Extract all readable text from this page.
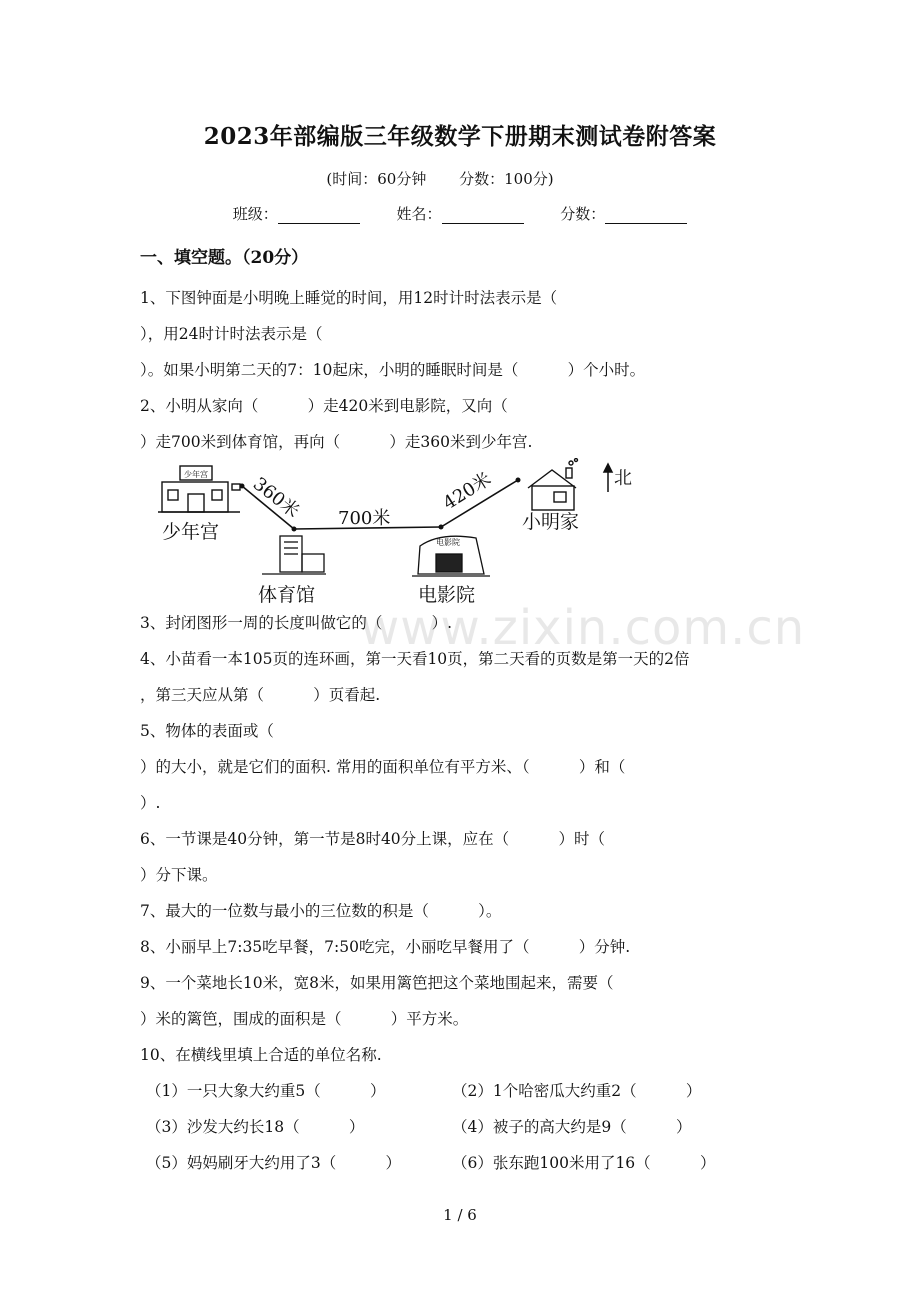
2023年部编版三年级数学下册期末测试卷附答案
(时间：60分钟 分数：100分)
班级：	姓名：	分数：
一、填空题。（20分）
1、下图钟面是小明晚上睡觉的时间，用12时计时法表示是（
），用24时计时法表示是（
）。如果小明第二天的7：10起床，小明的睡眠时间是（          ）个小时。
2、小明从家向（          ）走420米到电影院，又向（
）走700米到体育馆，再向（          ）走360米到少年宫.
少年宫
少年宫
360米 700米
420米
体育馆
电影院
电影院
小明家
北
3、封闭图形一周的长度叫做它的（          ）.
4、小苗看一本105页的连环画，第一天看10页，第二天看的页数是第一天的2倍
，第三天应从第（          ）页看起.
5、物体的表面或（
）的大小，就是它们的面积. 常用的面积单位有平方米、（          ）和（
）.
6、一节课是40分钟，第一节是8时40分上课，应在（          ）时（
）分下课。
7、最大的一位数与最小的三位数的积是（          ）。
8、小丽早上7:35吃早餐，7:50吃完，小丽吃早餐用了（          ）分钟.
9、一个菜地长10米，宽8米，如果用篱笆把这个菜地围起来，需要（
）米的篱笆，围成的面积是（          ）平方米。
10、在横线里填上合适的单位名称.
（1）一只大象大约重5（          ）	（2）1个哈密瓜大约重2（          ）
（3）沙发大约长18（          ）	（4）被子的高大约是9（          ）
（5）妈妈刷牙大约用了3（          ）	（6）张东跑100米用了16（          ）
www.zixin.com.cn
1 / 6
